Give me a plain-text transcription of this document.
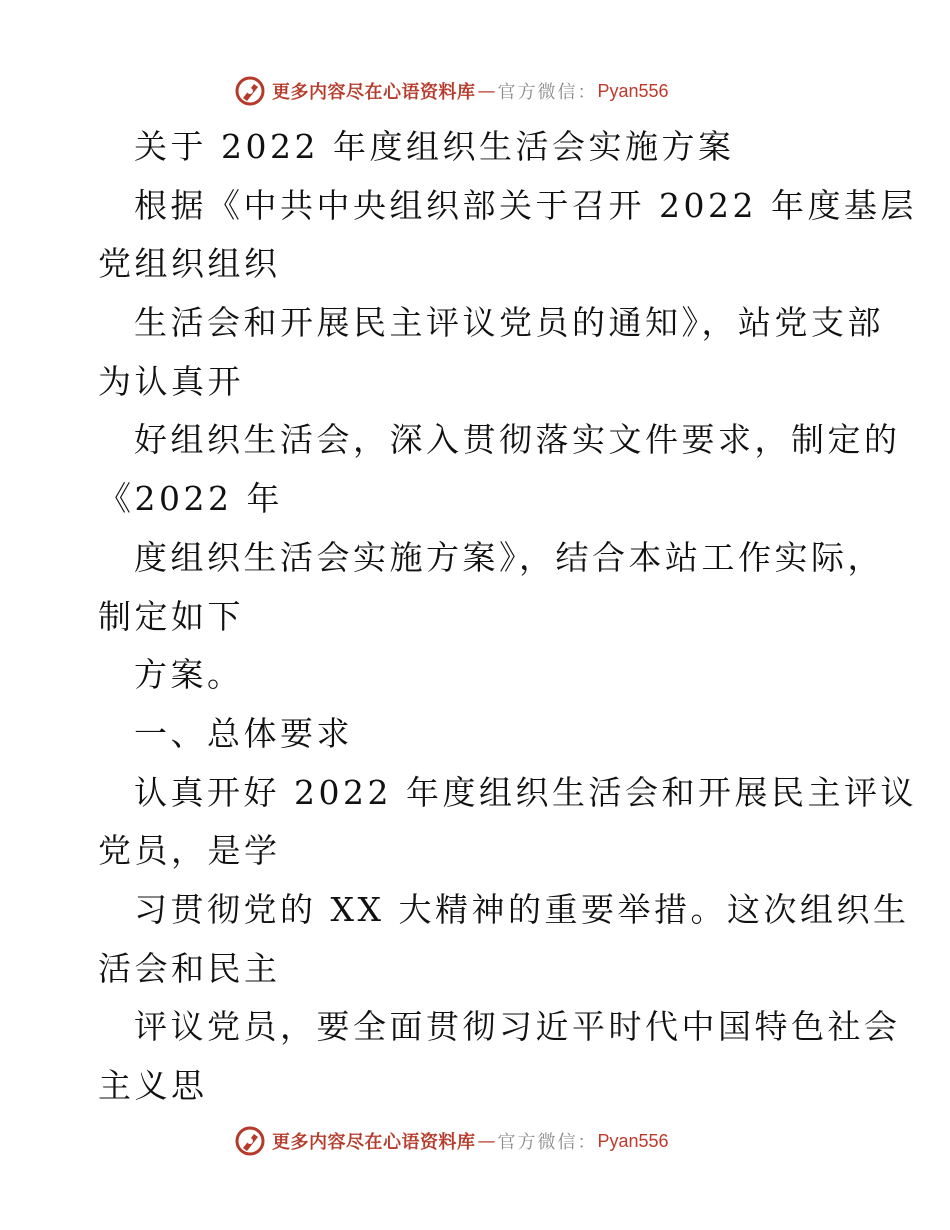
更多内容尽在心语资料库 — 官方微信： Pyan556
关于 2022 年度组织生活会实施方案
根据《中共中央组织部关于召开 2022 年度基层
党组织组织
生活会和开展民主评议党员的通知》，站党支部
为认真开
好组织生活会，深入贯彻落实文件要求，制定的
《2022 年
度组织生活会实施方案》，结合本站工作实际，
制定如下
方案。
一、总体要求
认真开好 2022 年度组织生活会和开展民主评议
党员，是学
习贯彻党的 XX 大精神的重要举措。这次组织生
活会和民主
评议党员，要全面贯彻习近平时代中国特色社会
主义思
更多内容尽在心语资料库 — 官方微信： Pyan556
